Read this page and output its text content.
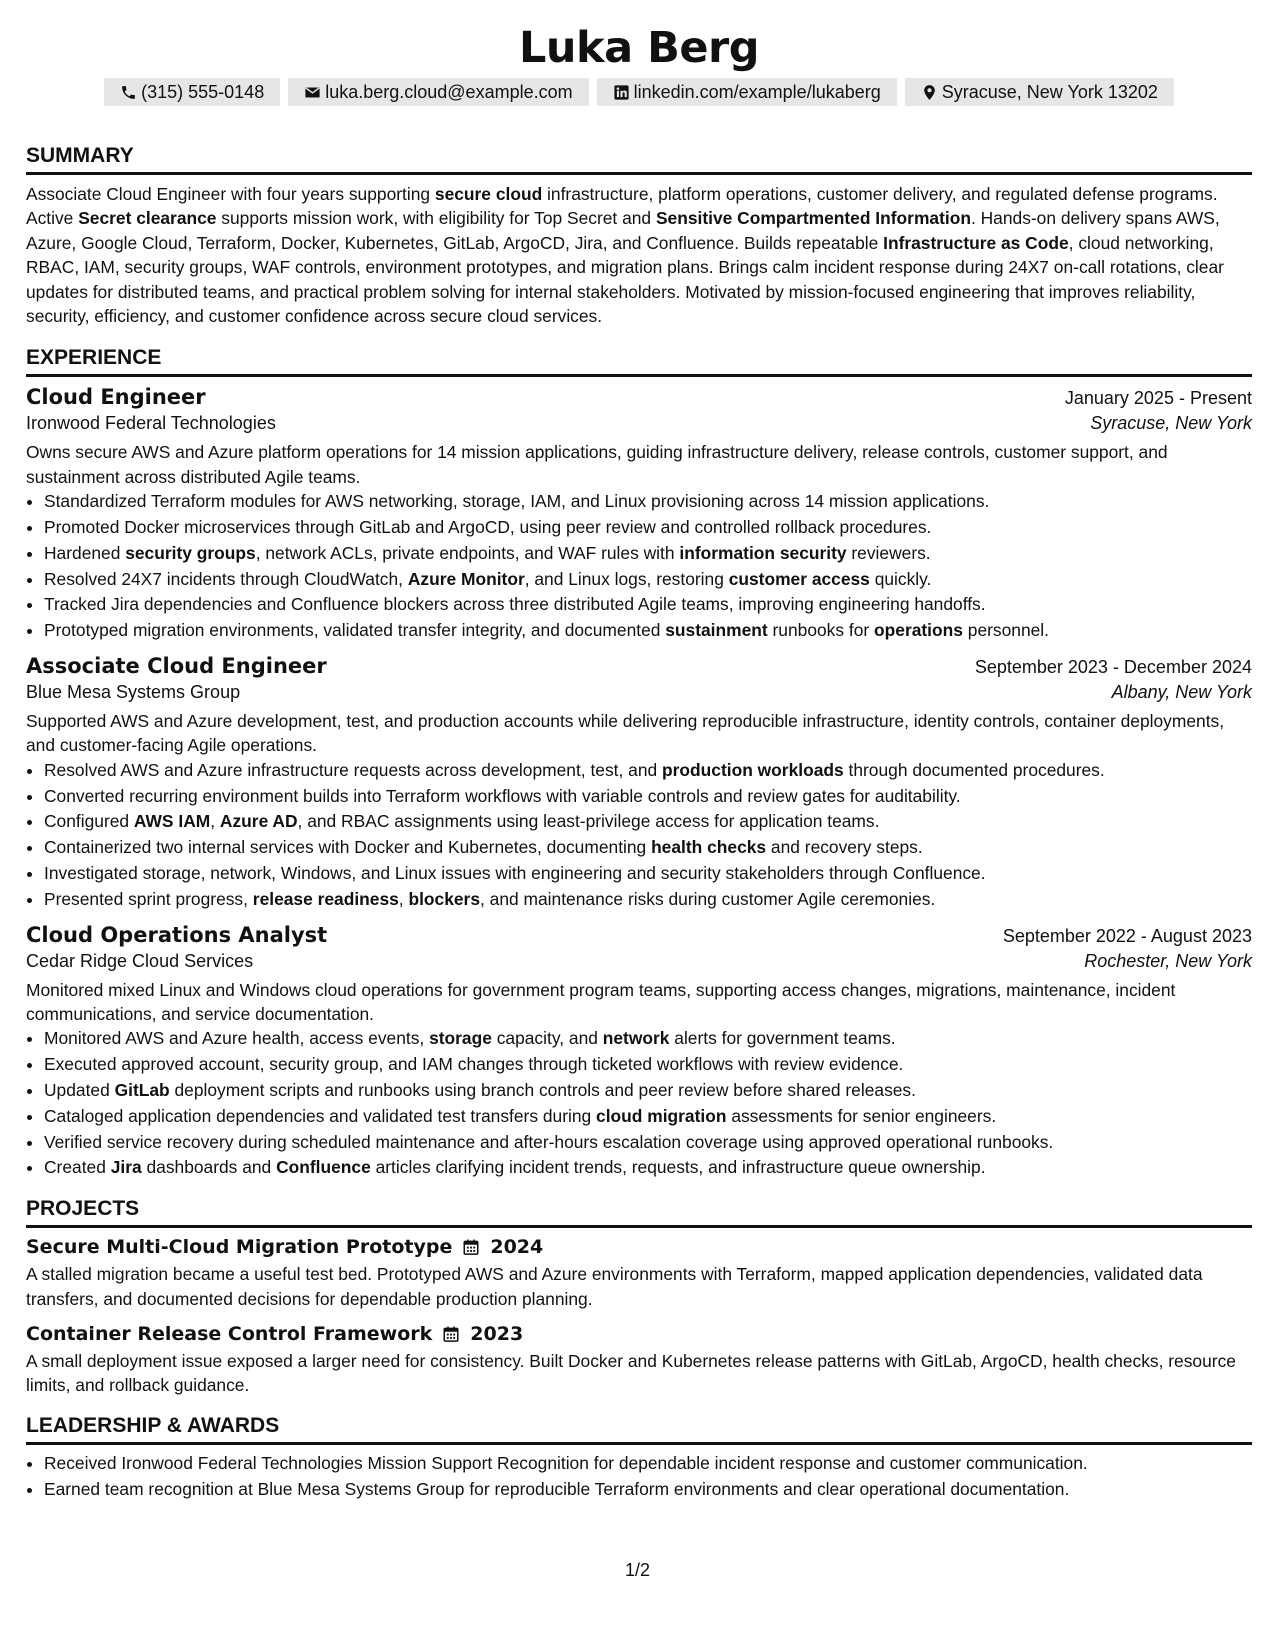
Luka Berg
(315) 555-0148	luka.berg.cloud@example.com	linkedin.com/example/lukaberg	Syracuse, New York 13202
SUMMARY

Associate Cloud Engineer with four years supporting secure cloud infrastructure, platform operations, customer delivery, and regulated defense programs. Active Secret clearance supports mission work, with eligibility for Top Secret and Sensitive Compartmented Information. Hands-on delivery spans AWS, Azure, Google Cloud, Terraform, Docker, Kubernetes, GitLab, ArgoCD, Jira, and Confluence. Builds repeatable Infrastructure as Code, cloud networking, RBAC, IAM, security groups, WAF controls, environment prototypes, and migration plans. Brings calm incident response during 24X7 on-call rotations, clear updates for distributed teams, and practical problem solving for internal stakeholders. Motivated by mission-focused engineering that improves reliability, security, efficiency, and customer confidence across secure cloud services.

EXPERIENCE
Cloud Engineer	January 2025 - Present
Ironwood Federal Technologies	Syracuse, New York

Owns secure AWS and Azure platform operations for 14 mission applications, guiding infrastructure delivery, release controls, customer support, and sustainment across distributed Agile teams.

• Standardized Terraform modules for AWS networking, storage, IAM, and Linux provisioning across 14 mission applications.
• Promoted Docker microservices through GitLab and ArgoCD, using peer review and controlled rollback procedures.
• Hardened security groups, network ACLs, private endpoints, and WAF rules with information security reviewers.
• Resolved 24X7 incidents through CloudWatch, Azure Monitor, and Linux logs, restoring customer access quickly.
• Tracked Jira dependencies and Confluence blockers across three distributed Agile teams, improving engineering handoffs.
• Prototyped migration environments, validated transfer integrity, and documented sustainment runbooks for operations personnel.
Associate Cloud Engineer	September 2023 - December 2024
Blue Mesa Systems Group	Albany, New York

Supported AWS and Azure development, test, and production accounts while delivering reproducible infrastructure, identity controls, container deployments, and customer-facing Agile operations.

• Resolved AWS and Azure infrastructure requests across development, test, and production workloads through documented procedures.
• Converted recurring environment builds into Terraform workflows with variable controls and review gates for auditability.
• Configured AWS IAM, Azure AD, and RBAC assignments using least-privilege access for application teams.
• Containerized two internal services with Docker and Kubernetes, documenting health checks and recovery steps.
• Investigated storage, network, Windows, and Linux issues with engineering and security stakeholders through Confluence.
• Presented sprint progress, release readiness, blockers, and maintenance risks during customer Agile ceremonies.
Cloud Operations Analyst	September 2022 - August 2023
Cedar Ridge Cloud Services	Rochester, New York

Monitored mixed Linux and Windows cloud operations for government program teams, supporting access changes, migrations, maintenance, incident communications, and service documentation.

• Monitored AWS and Azure health, access events, storage capacity, and network alerts for government teams.
• Executed approved account, security group, and IAM changes through ticketed workflows with review evidence.
• Updated GitLab deployment scripts and runbooks using branch controls and peer review before shared releases.
• Cataloged application dependencies and validated test transfers during cloud migration assessments for senior engineers.
• Verified service recovery during scheduled maintenance and after-hours escalation coverage using approved operational runbooks.
• Created Jira dashboards and Confluence articles clarifying incident trends, requests, and infrastructure queue ownership.
PROJECTS
Secure Multi-Cloud Migration Prototype 2024

A stalled migration became a useful test bed. Prototyped AWS and Azure environments with Terraform, mapped application dependencies, validated data transfers, and documented decisions for dependable production planning.

Container Release Control Framework 2023

A small deployment issue exposed a larger need for consistency. Built Docker and Kubernetes release patterns with GitLab, ArgoCD, health checks, resource limits, and rollback guidance.

LEADERSHIP & AWARDS
• Received Ironwood Federal Technologies Mission Support Recognition for dependable incident response and customer communication.
• Earned team recognition at Blue Mesa Systems Group for reproducible Terraform environments and clear operational documentation.
1/2
